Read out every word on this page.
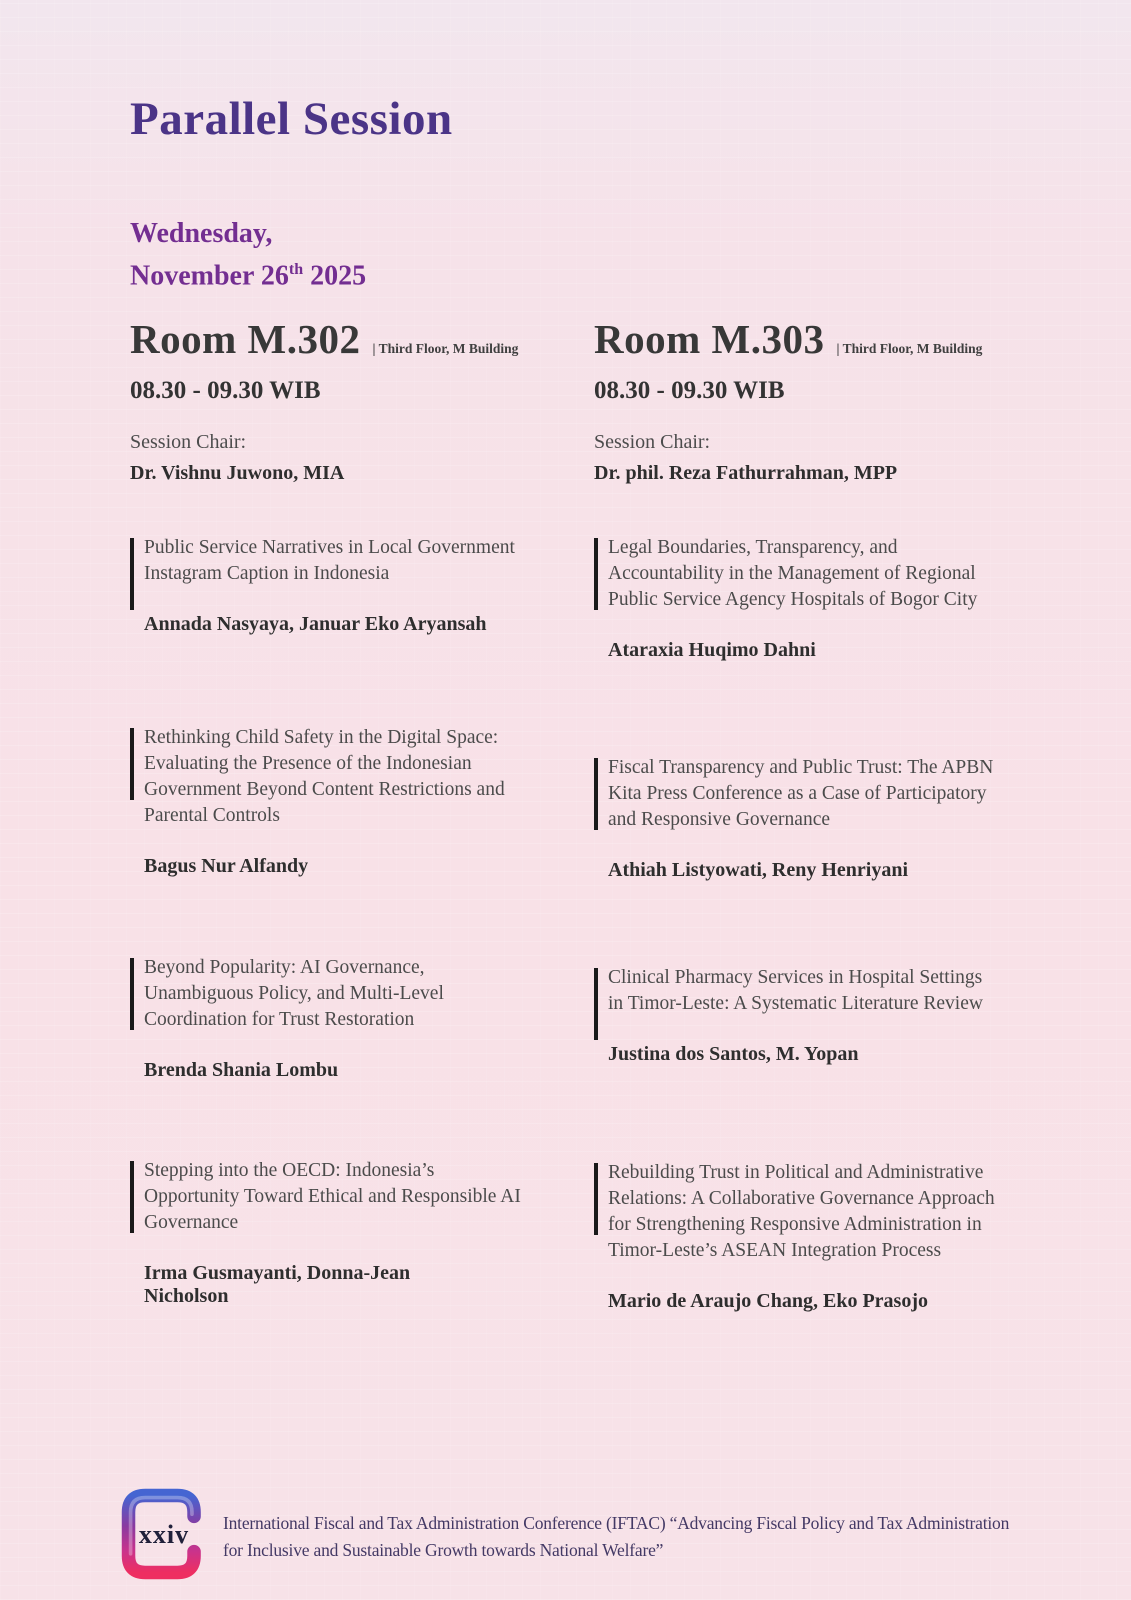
Parallel Session
Wednesday,
November 26th 2025
Room M.302 | Third Floor, M Building
08.30 - 09.30 WIB
Session Chair:
Dr. Vishnu Juwono, MIA
Public Service Narratives in Local Government Instagram Caption in Indonesia
Annada Nasyaya, Januar Eko Aryansah
Rethinking Child Safety in the Digital Space: Evaluating the Presence of the Indonesian Government Beyond Content Restrictions and Parental Controls
Bagus Nur Alfandy
Beyond Popularity: AI Governance, Unambiguous Policy, and Multi-Level Coordination for Trust Restoration
Brenda Shania Lombu
Stepping into the OECD: Indonesia’s Opportunity Toward Ethical and Responsible AI Governance
Irma Gusmayanti, Donna-Jean Nicholson
Room M.303 | Third Floor, M Building
08.30 - 09.30 WIB
Session Chair:
Dr. phil. Reza Fathurrahman, MPP
Legal Boundaries, Transparency, and Accountability in the Management of Regional Public Service Agency Hospitals of Bogor City
Ataraxia Huqimo Dahni
Fiscal Transparency and Public Trust: The APBN Kita Press Conference as a Case of Participatory and Responsive Governance
Athiah Listyowati, Reny Henriyani
Clinical Pharmacy Services in Hospital Settings in Timor-Leste: A Systematic Literature Review
Justina dos Santos, M. Yopan
Rebuilding Trust in Political and Administrative Relations: A Collaborative Governance Approach for Strengthening Responsive Administration in Timor-Leste’s ASEAN Integration Process
Mario de Araujo Chang, Eko Prasojo
xxiv	International Fiscal and Tax Administration Conference (IFTAC) “Advancing Fiscal Policy and Tax Administration for Inclusive and Sustainable Growth towards National Welfare”
